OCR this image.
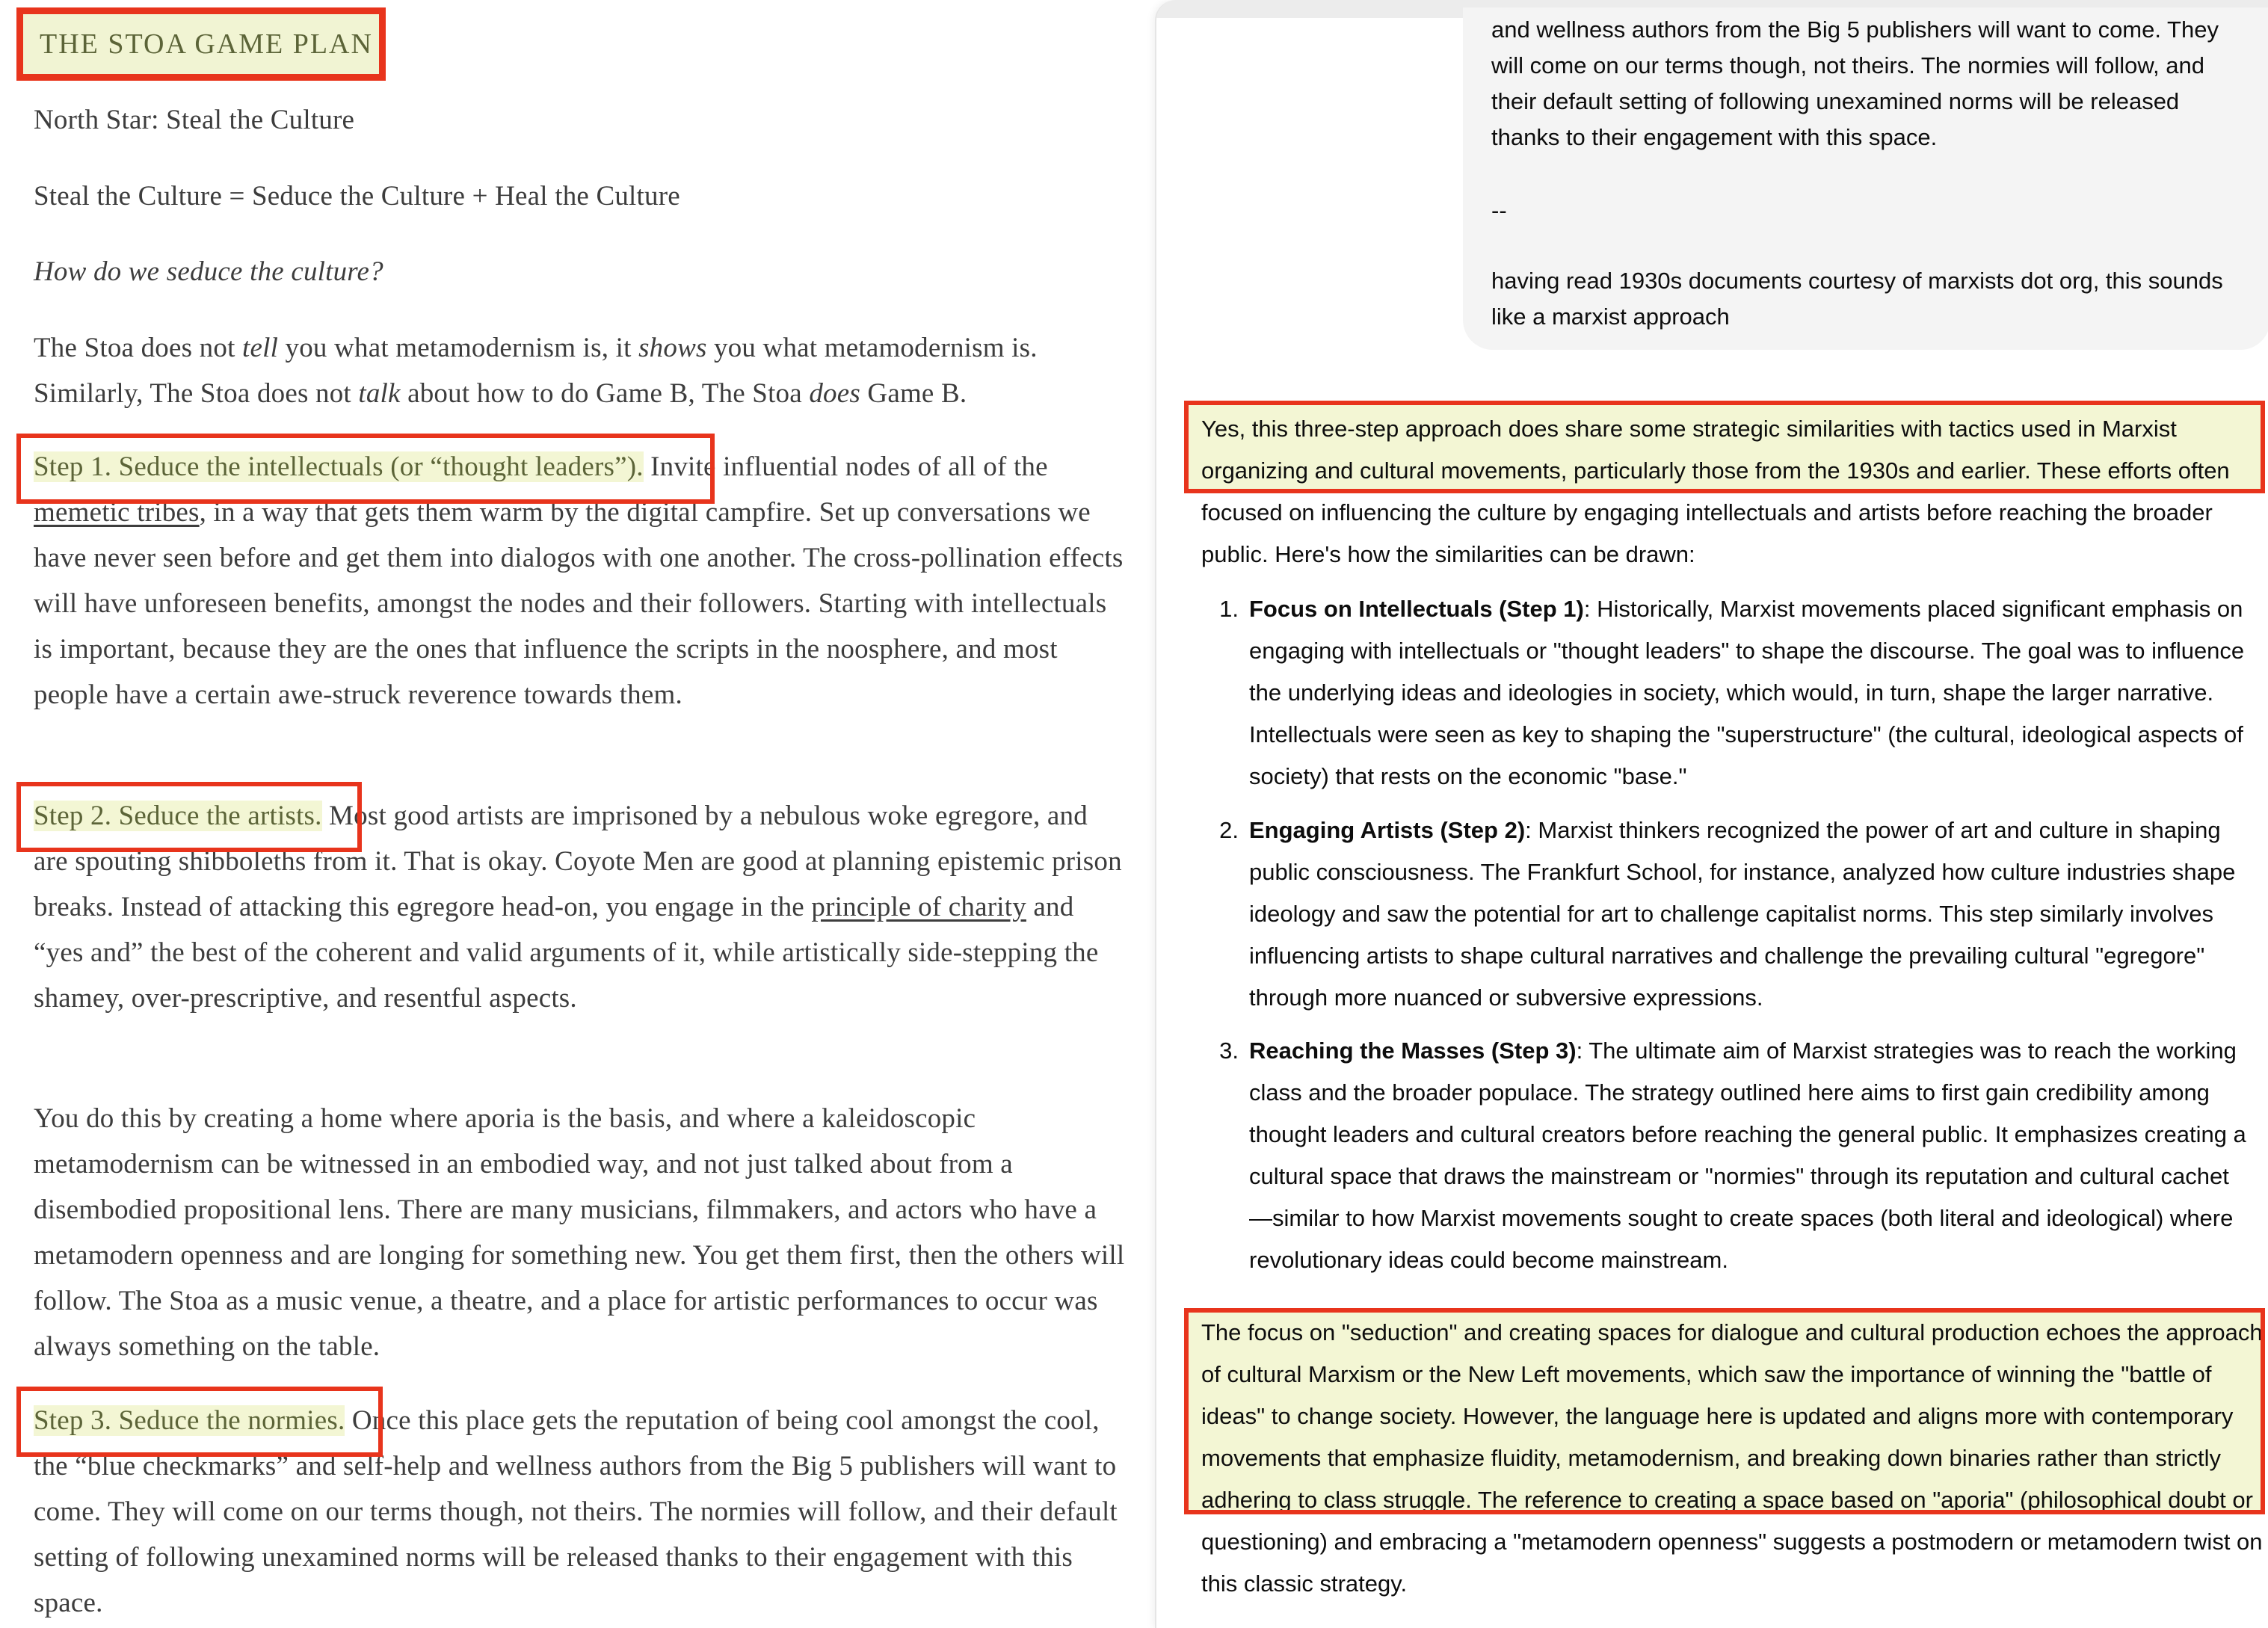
THE STOA GAME PLAN
North Star: Steal the Culture
Steal the Culture = Seduce the Culture + Heal the Culture
How do we seduce the culture?
The Stoa does not tell you what metamodernism is, it shows you what metamodernism is. Similarly, The Stoa does not talk about how to do Game B, The Stoa does Game B.
Step 1. Seduce the intellectuals (or “thought leaders”). Invite influential nodes of all of the memetic tribes, in a way that gets them warm by the digital campfire. Set up conversations we have never seen before and get them into dialogos with one another. The cross-pollination effects will have unforeseen benefits, amongst the nodes and their followers. Starting with intellectuals is important, because they are the ones that influence the scripts in the noosphere, and most people have a certain awe-struck reverence towards them.
Step 2. Seduce the artists. Most good artists are imprisoned by a nebulous woke egregore, and are spouting shibboleths from it. That is okay. Coyote Men are good at planning epistemic prison breaks. Instead of attacking this egregore head-on, you engage in the principle of charity and “yes and” the best of the coherent and valid arguments of it, while artistically side-stepping the shamey, over-prescriptive, and resentful aspects.
You do this by creating a home where aporia is the basis, and where a kaleidoscopic metamodernism can be witnessed in an embodied way, and not just talked about from a disembodied propositional lens. There are many musicians, filmmakers, and actors who have a metamodern openness and are longing for something new. You get them first, then the others will follow. The Stoa as a music venue, a theatre, and a place for artistic performances to occur was always something on the table.
Step 3. Seduce the normies. Once this place gets the reputation of being cool amongst the cool, the “blue checkmarks” and self-help and wellness authors from the Big 5 publishers will want to come. They will come on our terms though, not theirs. The normies will follow, and their default setting of following unexamined norms will be released thanks to their engagement with this space.
and wellness authors from the Big 5 publishers will want to come. They will come on our terms though, not theirs. The normies will follow, and their default setting of following unexamined norms will be released thanks to their engagement with this space.
--
having read 1930s documents courtesy of marxists dot org, this sounds like a marxist approach
Yes, this three-step approach does share some strategic similarities with tactics used in Marxist organizing and cultural movements, particularly those from the 1930s and earlier. These efforts often focused on influencing the culture by engaging intellectuals and artists before reaching the broader public. Here's how the similarities can be drawn:
1. Focus on Intellectuals (Step 1): Historically, Marxist movements placed significant emphasis on engaging with intellectuals or "thought leaders" to shape the discourse. The goal was to influence the underlying ideas and ideologies in society, which would, in turn, shape the larger narrative. Intellectuals were seen as key to shaping the "superstructure" (the cultural, ideological aspects of society) that rests on the economic "base."
2. Engaging Artists (Step 2): Marxist thinkers recognized the power of art and culture in shaping public consciousness. The Frankfurt School, for instance, analyzed how culture industries shape ideology and saw the potential for art to challenge capitalist norms. This step similarly involves influencing artists to shape cultural narratives and challenge the prevailing cultural "egregore" through more nuanced or subversive expressions.
3. Reaching the Masses (Step 3): The ultimate aim of Marxist strategies was to reach the working class and the broader populace. The strategy outlined here aims to first gain credibility among thought leaders and cultural creators before reaching the general public. It emphasizes creating a cultural space that draws the mainstream or "normies" through its reputation and cultural cachet—similar to how Marxist movements sought to create spaces (both literal and ideological) where revolutionary ideas could become mainstream.
The focus on "seduction" and creating spaces for dialogue and cultural production echoes the approach of cultural Marxism or the New Left movements, which saw the importance of winning the "battle of ideas" to change society. However, the language here is updated and aligns more with contemporary movements that emphasize fluidity, metamodernism, and breaking down binaries rather than strictly adhering to class struggle. The reference to creating a space based on "aporia" (philosophical doubt or questioning) and embracing a "metamodern openness" suggests a postmodern or metamodern twist on this classic strategy.
